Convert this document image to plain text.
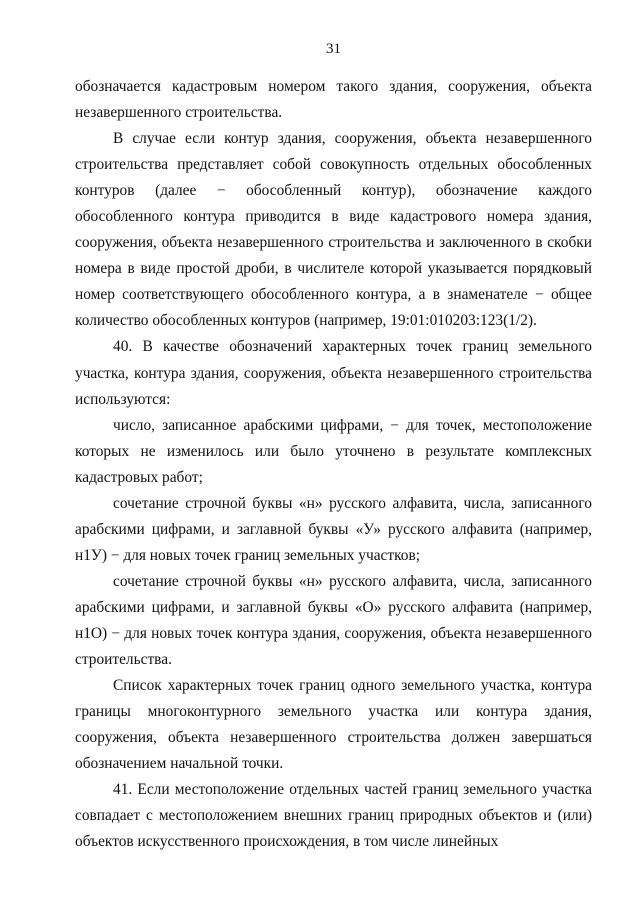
31

обозначается кадастровым номером такого здания, сооружения, объекта незавершенного строительства.

В случае если контур здания, сооружения, объекта незавершенного строительства представляет собой совокупность отдельных обособленных контуров (далее − обособленный контур), обозначение каждого обособленного контура приводится в виде кадастрового номера здания, сооружения, объекта незавершенного строительства и заключенного в скобки номера в виде простой дроби, в числителе которой указывается порядковый номер соответствующего обособленного контура, а в знаменателе − общее количество обособленных контуров (например, 19:01:010203:123(1/2).

40. В качестве обозначений характерных точек границ земельного участка, контура здания, сооружения, объекта незавершенного строительства используются:

число, записанное арабскими цифрами, − для точек, местоположение которых не изменилось или было уточнено в результате комплексных кадастровых работ;

сочетание строчной буквы «н» русского алфавита, числа, записанного арабскими цифрами, и заглавной буквы «У» русского алфавита (например, н1У) − для новых точек границ земельных участков;

сочетание строчной буквы «н» русского алфавита, числа, записанного арабскими цифрами, и заглавной буквы «О» русского алфавита (например, н1О) − для новых точек контура здания, сооружения, объекта незавершенного строительства.

Список характерных точек границ одного земельного участка, контура границы многоконтурного земельного участка или контура здания, сооружения, объекта незавершенного строительства должен завершаться обозначением начальной точки.

41. Если местоположение отдельных частей границ земельного участка совпадает с местоположением внешних границ природных объектов и (или) объектов искусственного происхождения, в том числе линейных
